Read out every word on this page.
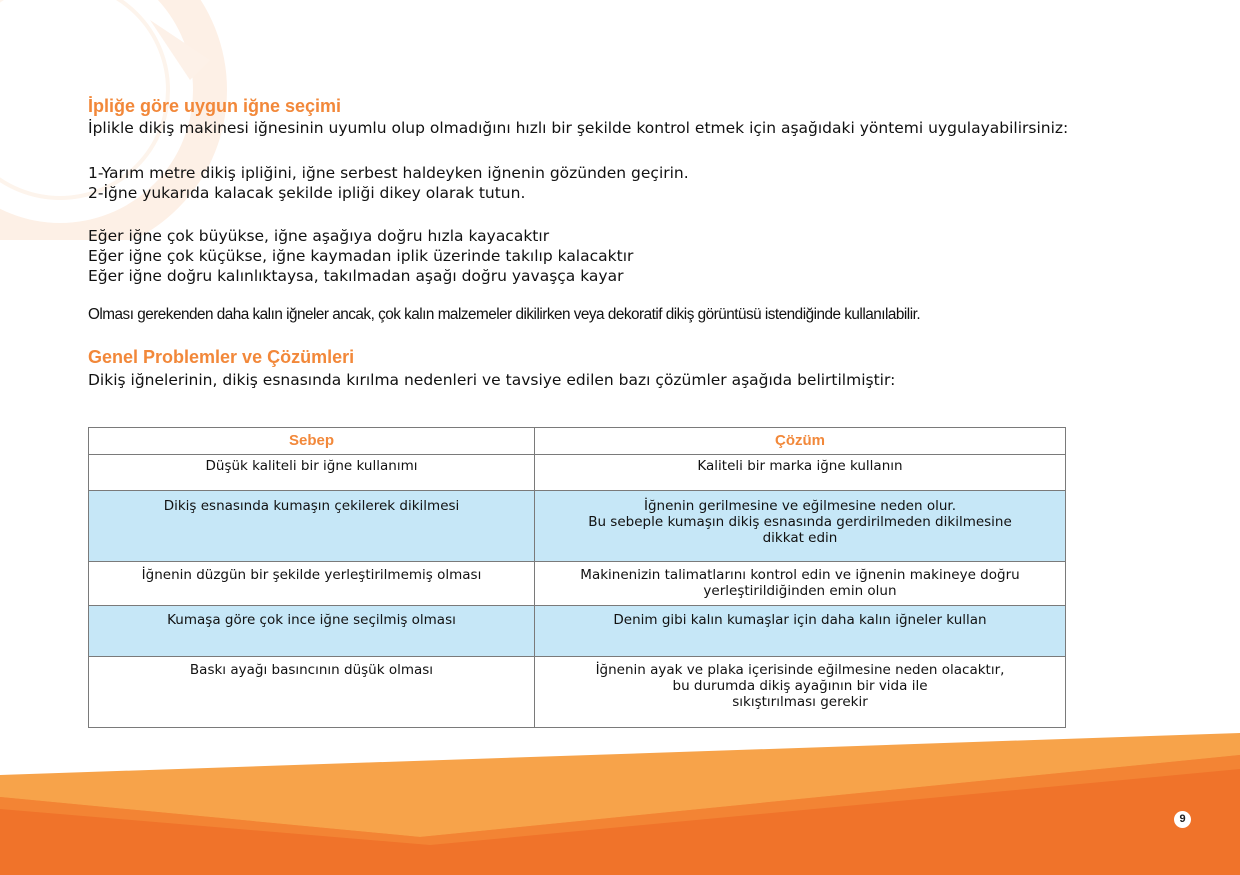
İpliğe göre uygun iğne seçimi

İplikle dikiş makinesi iğnesinin uyumlu olup olmadığını hızlı bir şekilde kontrol etmek için aşağıdaki yöntemi uygulayabilirsiniz:

1-Yarım metre dikiş ipliğini, iğne serbest haldeyken iğnenin gözünden geçirin.
2-İğne yukarıda kalacak şekilde ipliği dikey olarak tutun.

Eğer iğne çok büyükse, iğne aşağıya doğru hızla kayacaktır
Eğer iğne çok küçükse, iğne kaymadan iplik üzerinde takılıp kalacaktır
Eğer iğne doğru kalınlıktaysa, takılmadan aşağı doğru yavaşça kayar

Olması gerekenden daha kalın iğneler ancak, çok kalın malzemeler dikilirken veya dekoratif dikiş görüntüsü istendiğinde kullanılabilir.

Genel Problemler ve Çözümleri

Dikiş iğnelerinin, dikiş esnasında kırılma nedenleri ve tavsiye edilen bazı çözümler aşağıda belirtilmiştir:

Sebep	Çözüm
Düşük kaliteli bir iğne kullanımı	Kaliteli bir marka iğne kullanın

Dikiş esnasında kumaşın çekilerek dikilmesi	İğnenin gerilmesine ve eğilmesine neden olur.
Bu sebeple kumaşın dikiş esnasında gerdirilmeden dikilmesine
dikkat edin

İğnenin düzgün bir şekilde yerleştirilmemiş olması	Makinenizin talimatlarını kontrol edin ve iğnenin makineye doğru
yerleştirildiğinden emin olun

Kumaşa göre çok ince iğne seçilmiş olması	Denim gibi kalın kumaşlar için daha kalın iğneler kullan

Baskı ayağı basıncının düşük olması	İğnenin ayak ve plaka içerisinde eğilmesine neden olacaktır,
bu durumda dikiş ayağının bir vida ile
sıkıştırılması gerekir
9
